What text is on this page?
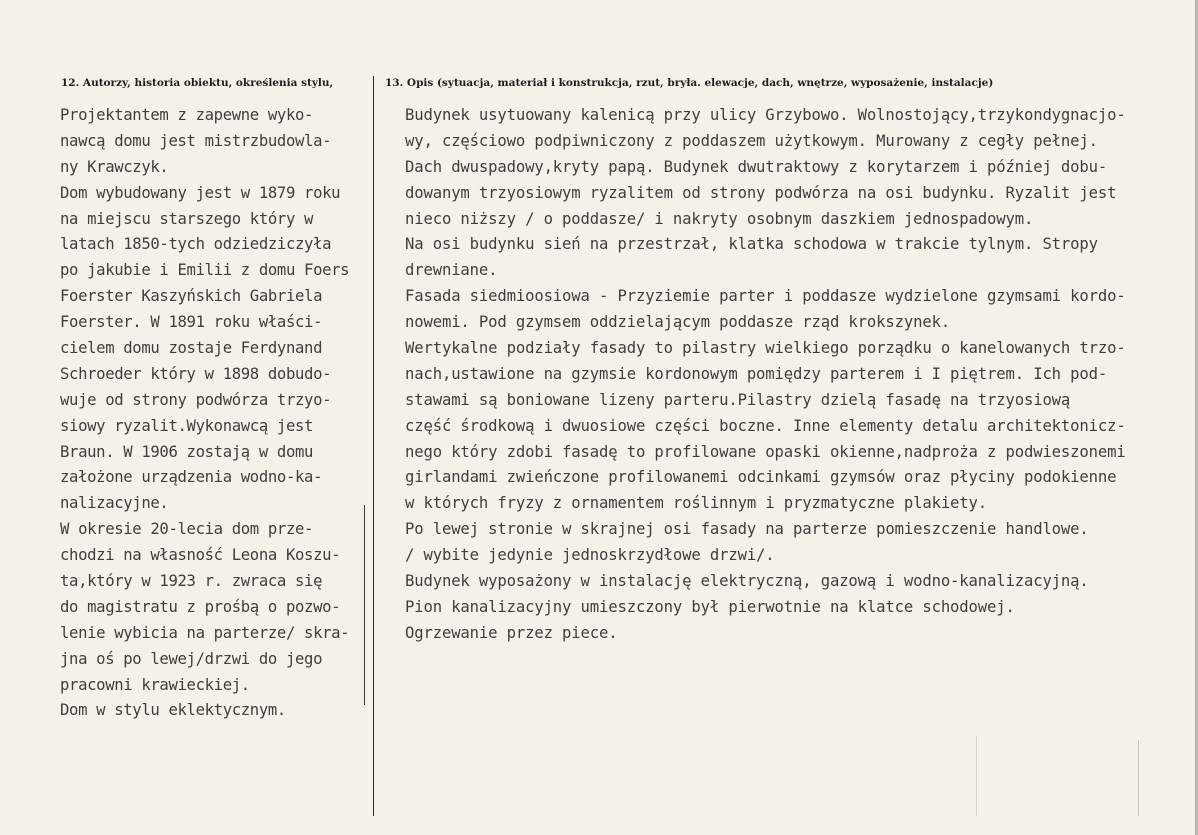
12. Autorzy, historia obiektu, określenia stylu,	13. Opis (sytuacja, materiał i konstrukcja, rzut, bryła. elewacje, dach, wnętrze, wyposażenie, instalacje)
Projektantem z zapewne wyko-
nawcą domu jest mistrzbudowla-
ny Krawczyk.
Dom wybudowany jest w 1879 roku
na miejscu starszego który w
latach 1850-tych odziedziczyła
po jakubie i Emilii z domu Foers
Foerster Kaszyńskich Gabriela
Foerster. W 1891 roku właści-
cielem domu zostaje Ferdynand
Schroeder który w 1898 dobudo-
wuje od strony podwórza trzyo-
siowy ryzalit.Wykonawcą jest
Braun. W 1906 zostają w domu
założone urządzenia wodno-ka-
nalizacyjne.
W okresie 20-lecia dom prze-
chodzi na własność Leona Koszu-
ta,który w 1923 r. zwraca się
do magistratu z prośbą o pozwo-
lenie wybicia na parterze/ skra-
jna oś po lewej/drzwi do jego
pracowni krawieckiej.
Dom w stylu eklektycznym.
Budynek usytuowany kalenicą przy ulicy Grzybowo. Wolnostojący,trzykondygnacjo-
wy, częściowo podpiwniczony z poddaszem użytkowym. Murowany z cegły pełnej.
Dach dwuspadowy,kryty papą. Budynek dwutraktowy z korytarzem i później dobu-
dowanym trzyosiowym ryzalitem od strony podwórza na osi budynku. Ryzalit jest
nieco niższy / o poddasze/ i nakryty osobnym daszkiem jednospadowym.
Na osi budynku sień na przestrzał, klatka schodowa w trakcie tylnym. Stropy
drewniane.
Fasada siedmioosiowa - Przyziemie parter i poddasze wydzielone gzymsami kordo-
nowemi. Pod gzymsem oddzielającym poddasze rząd krokszynek.
Wertykalne podziały fasady to pilastry wielkiego porządku o kanelowanych trzo-
nach,ustawione na gzymsie kordonowym pomiędzy parterem i I piętrem. Ich pod-
stawami są boniowane lizeny parteru.Pilastry dzielą fasadę na trzyosiową
część środkową i dwuosiowe części boczne. Inne elementy detalu architektonicz-
nego który zdobi fasadę to profilowane opaski okienne,nadproża z podwieszonemi
girlandami zwieńczone profilowanemi odcinkami gzymsów oraz płyciny podokienne
w których fryzy z ornamentem roślinnym i pryzmatyczne plakiety.
Po lewej stronie w skrajnej osi fasady na parterze pomieszczenie handlowe.
/ wybite jedynie jednoskrzydłowe drzwi/.
Budynek wyposażony w instalację elektryczną, gazową i wodno-kanalizacyjną.
Pion kanalizacyjny umieszczony był pierwotnie na klatce schodowej.
Ogrzewanie przez piece.
